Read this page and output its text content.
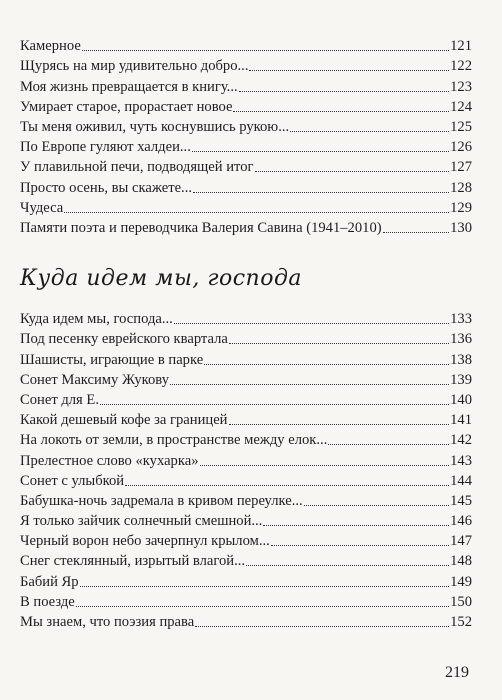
Камерное	121
Щурясь на мир удивительно добро...	122
Моя жизнь превращается в книгу...	123
Умирает старое, прорастает новое	124
Ты меня оживил, чуть коснувшись рукою...	125
По Европе гуляют халдеи...	126
У плавильной печи, подводящей итог	127
Просто осень, вы скажете...	128
Чудеса	129
Памяти поэта и переводчика Валерия Савина (1941–2010)	130
Куда идем мы, господа
Куда идем мы, господа...	133
Под песенку еврейского квартала	136
Шашисты, играющие в парке	138
Сонет Максиму Жукову	139
Сонет для Е.	140
Какой дешевый кофе за границей	141
На локоть от земли, в пространстве между елок...	142
Прелестное слово «кухарка»	143
Сонет с улыбкой	144
Бабушка-ночь задремала в кривом переулке...	145
Я только зайчик солнечный смешной...	146
Черный ворон небо зачерпнул крылом...	147
Снег стеклянный, изрытый влагой...	148
Бабий Яр	149
В поезде	150
Мы знаем, что поэзия права	152
219
